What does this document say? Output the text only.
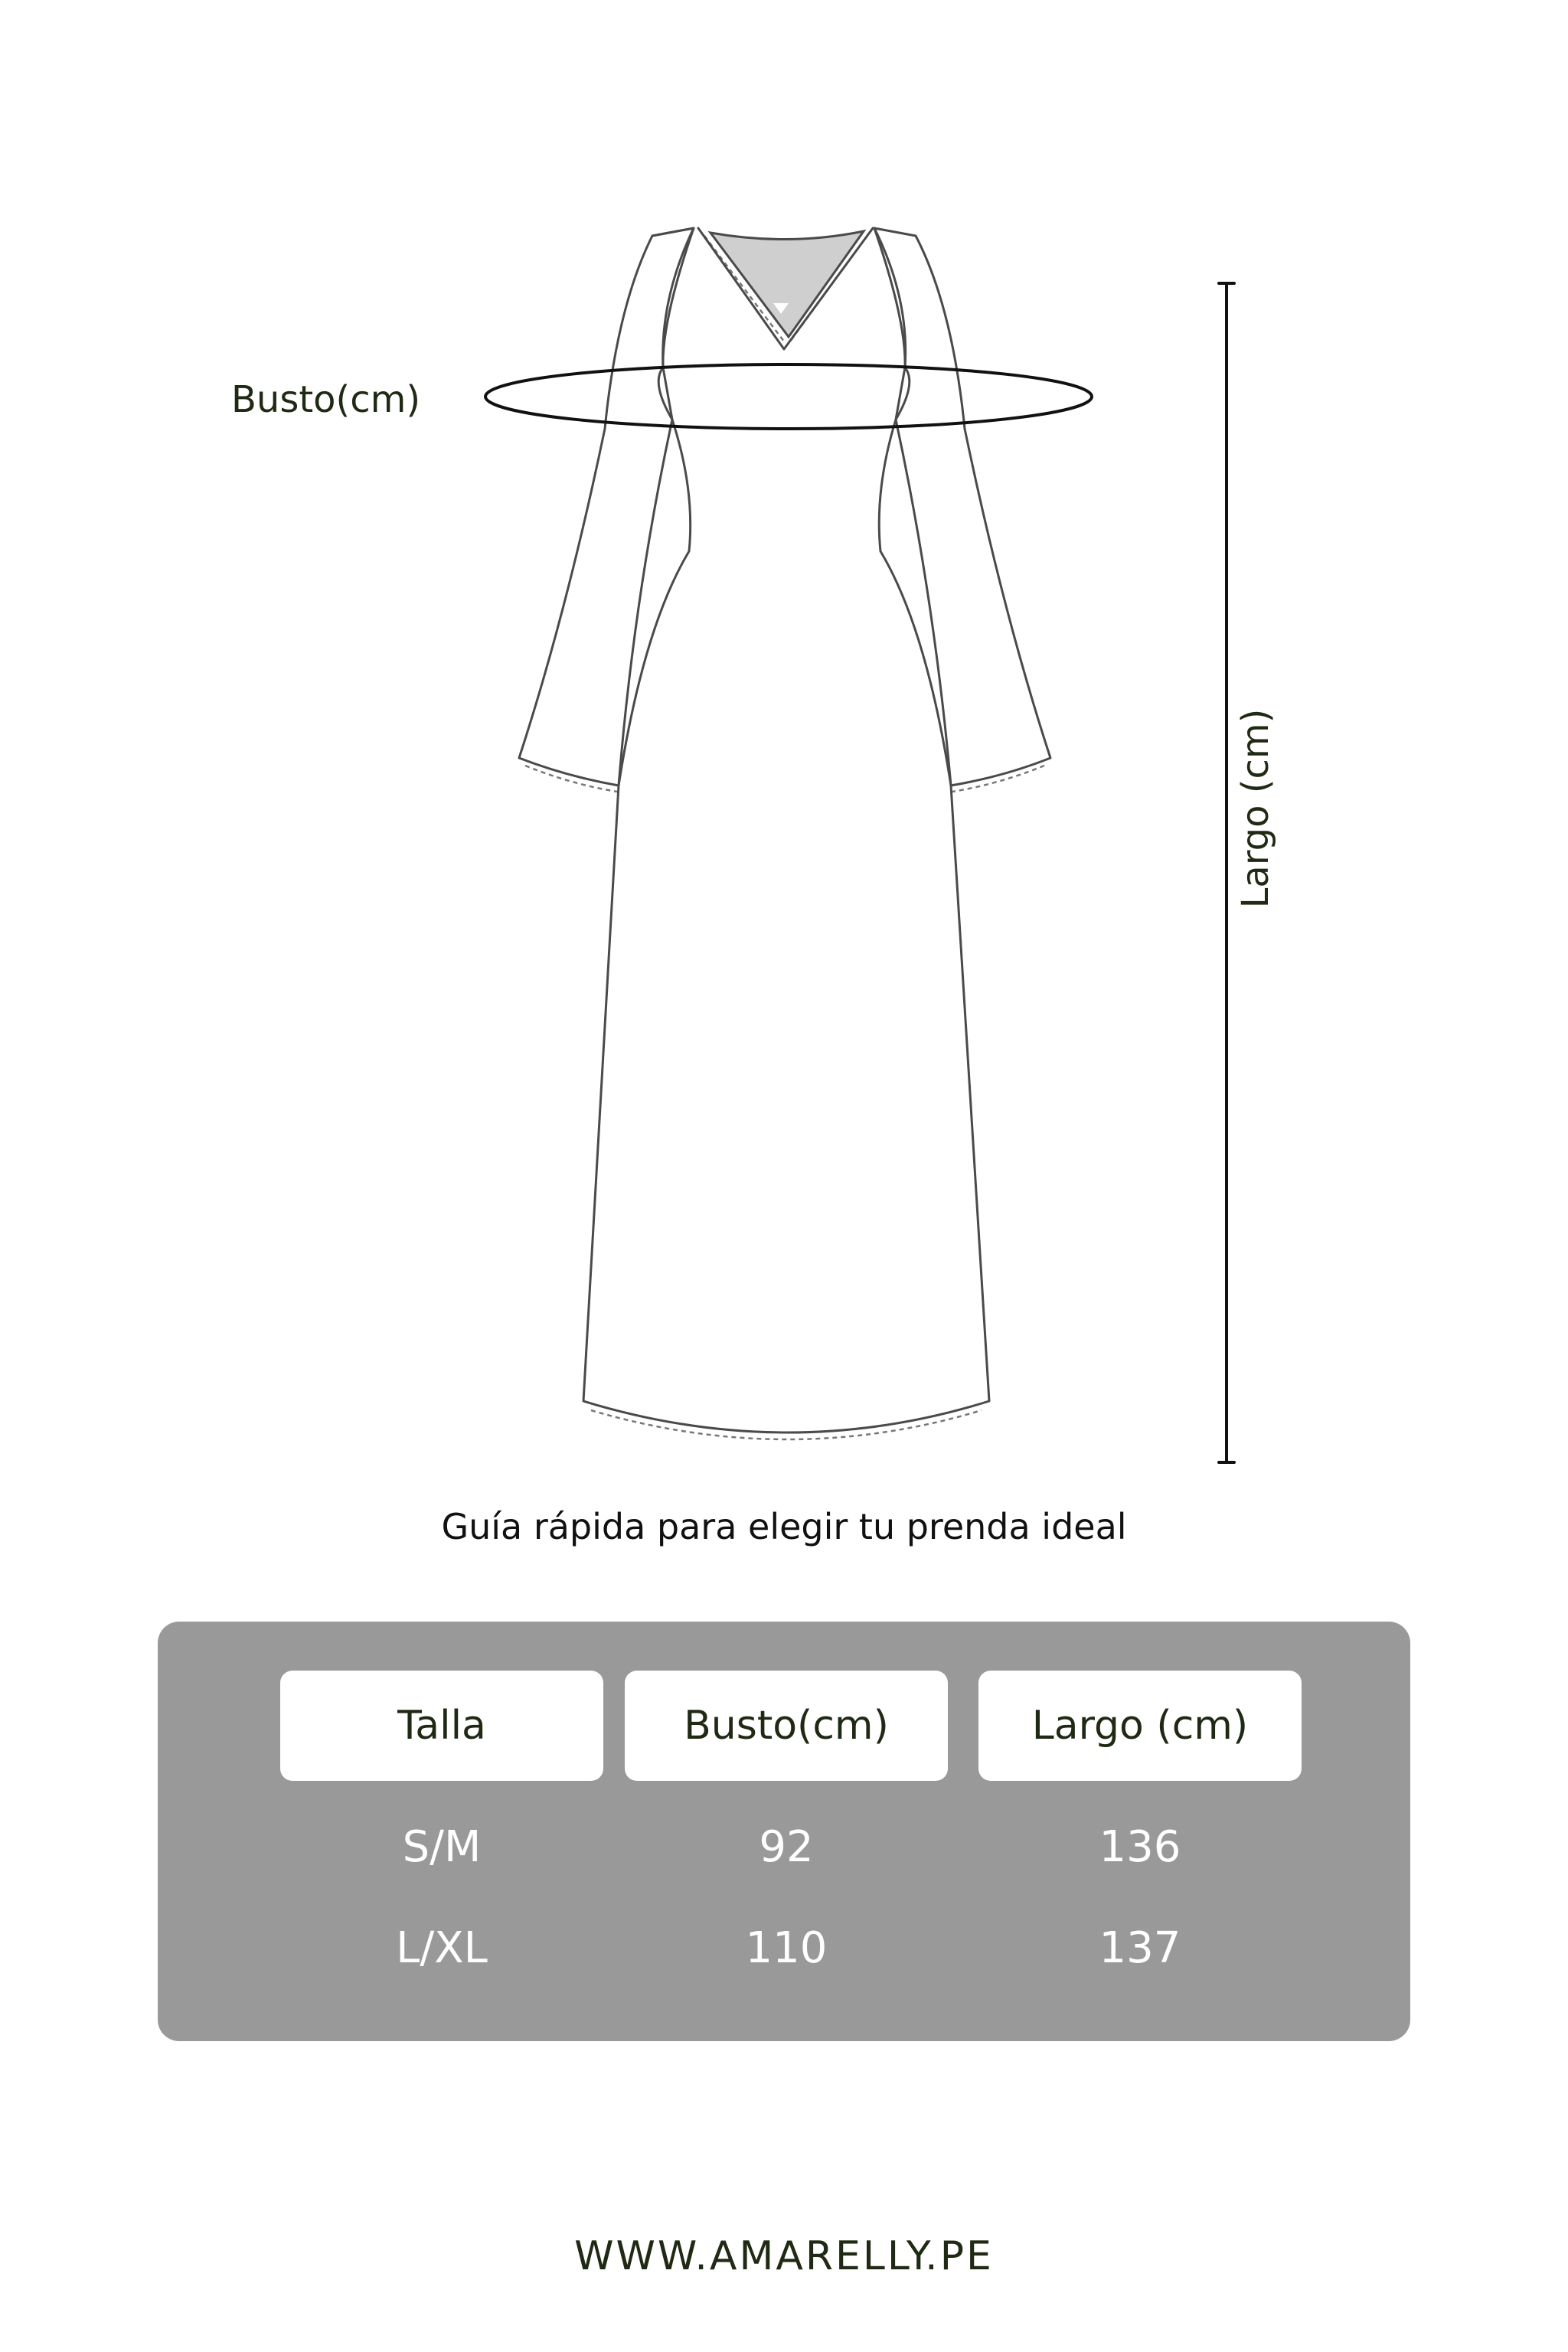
Busto(cm)
Largo (cm)
Guía rápida para elegir tu prenda ideal
Talla	Busto(cm)	Largo (cm)
S/M	92	136
L/XL	110	137
WWW.AMARELLY.PE
